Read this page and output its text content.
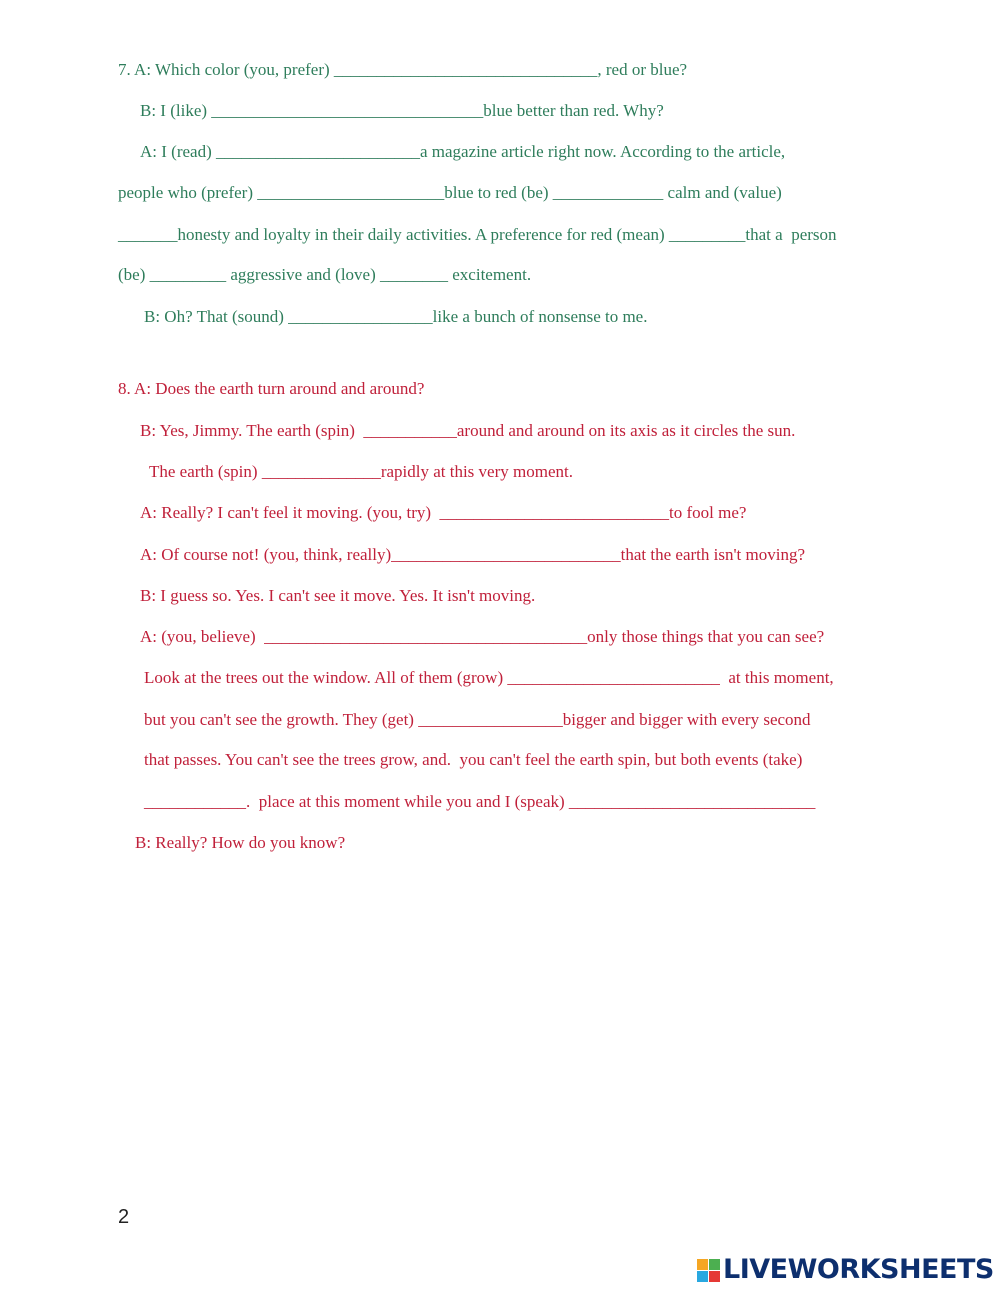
7. A: Which color (you, prefer) _______________________________, red or blue?
B: I (like) ________________________________blue better than red. Why?
A: I (read) ________________________a magazine article right now. According to the article,
people who (prefer) ______________________blue to red (be) _____________ calm and (value)
_______honesty and loyalty in their daily activities. A preference for red (mean) _________that a  person
(be) _________ aggressive and (love) ________ excitement.
B: Oh? That (sound) _________________like a bunch of nonsense to me.
8. A: Does the earth turn around and around?
B: Yes, Jimmy. The earth (spin)  ___________around and around on its axis as it circles the sun.
The earth (spin) ______________rapidly at this very moment.
A: Really? I can't feel it moving. (you, try)  ___________________________to fool me?
A: Of course not! (you, think, really)___________________________that the earth isn't moving?
B: I guess so. Yes. I can't see it move. Yes. It isn't moving.
A: (you, believe)  ______________________________________only those things that you can see?
Look at the trees out the window. All of them (grow) _________________________  at this moment,
but you can't see the growth. They (get) _________________bigger and bigger with every second
that passes. You can't see the trees grow, and.  you can't feel the earth spin, but both events (take)
____________.  place at this moment while you and I (speak) _____________________________
B: Really? How do you know?
2
LIVEWORKSHEETS
